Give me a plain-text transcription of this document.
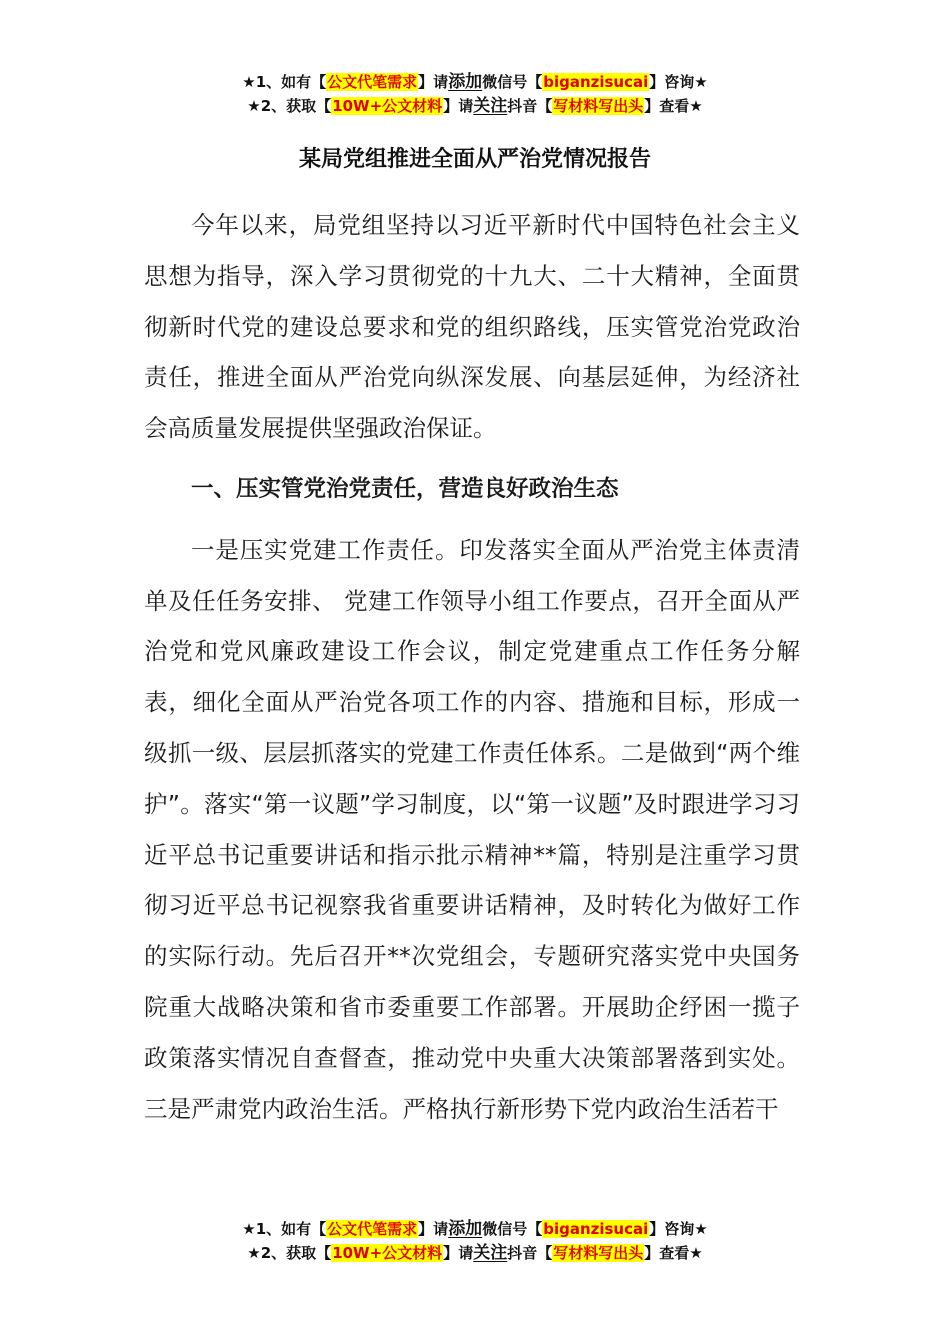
★1、如有【公文代笔需求】请添加微信号【biganzisucai】咨询★
★2、获取【10W+公文材料】请关注抖音【写材料写出头】查看★
某局党组推进全面从严治党情况报告

今年以来，局党组坚持以习近平新时代中国特色社会主义思想为指导，深入学习贯彻党的十九大、二十大精神，全面贯彻新时代党的建设总要求和党的组织路线，压实管党治党政治责任，推进全面从严治党向纵深发展、向基层延伸，为经济社会高质量发展提供坚强政治保证。

一、压实管党治党责任，营造良好政治生态

一是压实党建工作责任。印发落实全面从严治党主体责清单及任任务安排、 党建工作领导小组工作要点，召开全面从严治党和党风廉政建设工作会议，制定党建重点工作任务分解表，细化全面从严治党各项工作的内容、措施和目标，形成一级抓一级、层层抓落实的党建工作责任体系。二是做到“两个维护”。落实“第一议题”学习制度，以“第一议题”及时跟进学习习近平总书记重要讲话和指示批示精神**篇，特别是注重学习贯彻习近平总书记视察我省重要讲话精神，及时转化为做好工作的实际行动。先后召开**次党组会，专题研究落实党中央国务院重大战略决策和省市委重要工作部署。开展助企纾困一揽子政策落实情况自查督查，推动党中央重大决策部署落到实处。三是严肃党内政治生活。严格执行新形势下党内政治生活若干

★1、如有【公文代笔需求】请添加微信号【biganzisucai】咨询★
★2、获取【10W+公文材料】请关注抖音【写材料写出头】查看★
